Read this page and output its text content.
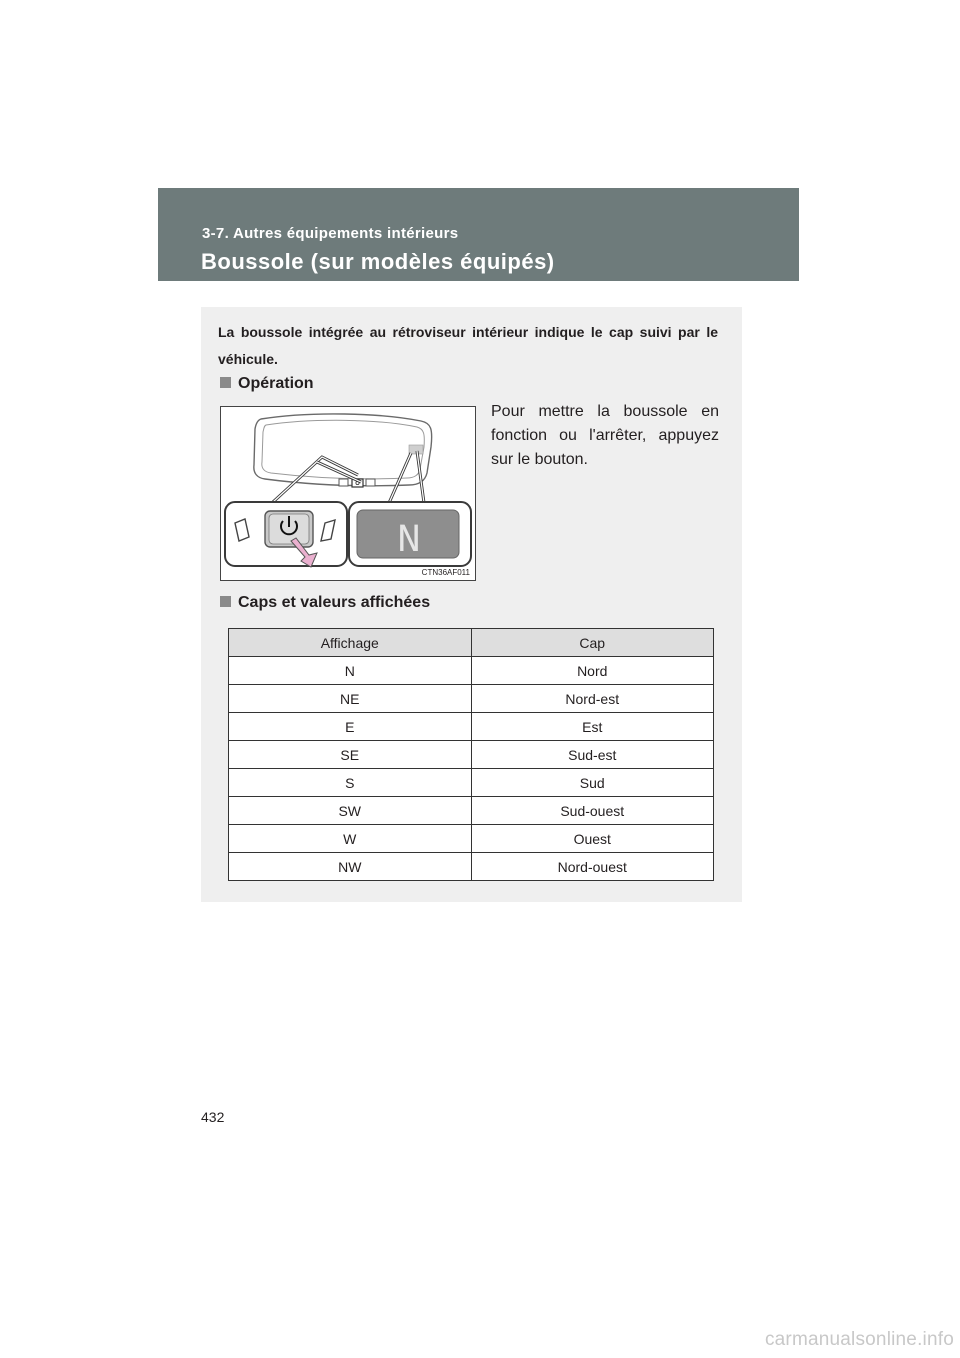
3-7. Autres équipements intérieurs
Boussole (sur modèles équipés)
La boussole intégrée au rétroviseur intérieur indique le cap suivi par le véhicule.
Opération
Pour mettre la boussole en fonction ou l'arrêter, appuyez sur le bouton.
N
CTN36AF011
Caps et valeurs affichées
Affichage	Cap
N	Nord
NE	Nord-est
E	Est
SE	Sud-est
S	Sud
SW	Sud-ouest
W	Ouest
NW	Nord-ouest
432
carmanualsonline.info
